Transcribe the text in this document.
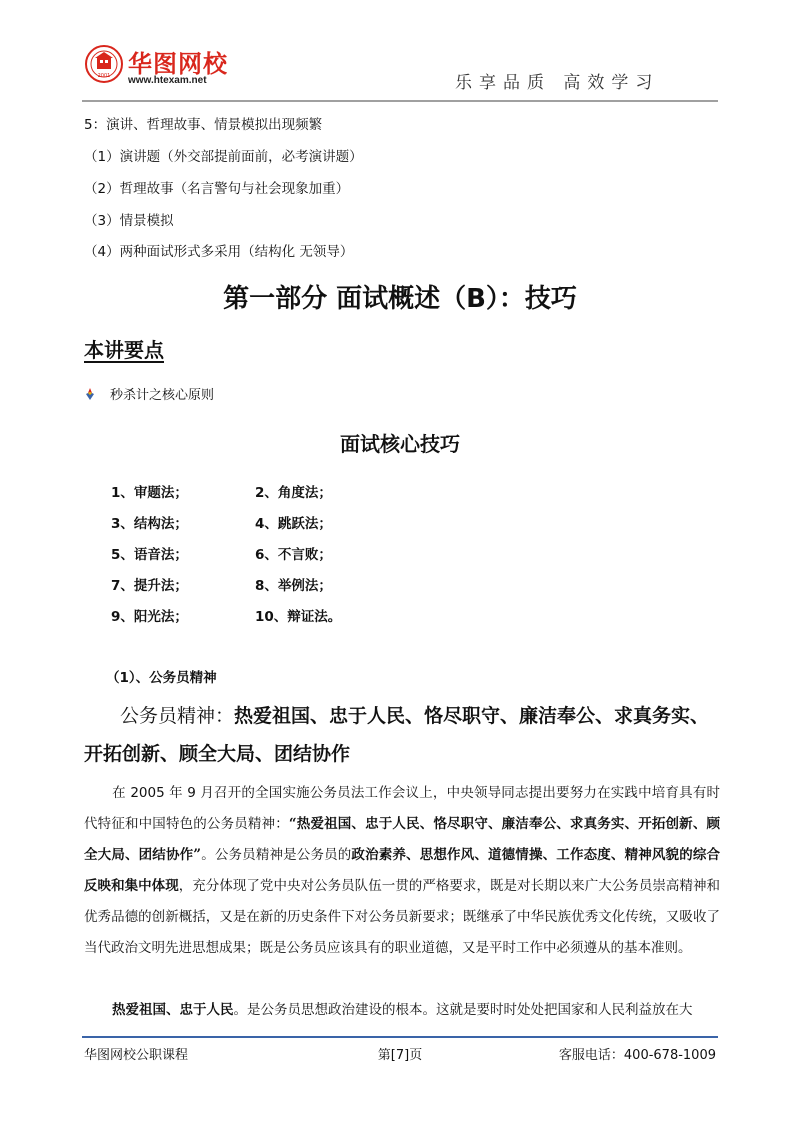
2001 华图网校
www.htexam.net	乐享品质 高效学习
5：演讲、哲理故事、情景模拟出现频繁
（1）演讲题（外交部提前面前，必考演讲题）
（2）哲理故事（名言警句与社会现象加重）
（3）情景模拟
（4）两种面试形式多采用（结构化 无领导）
第一部分 面试概述（B）：技巧
本讲要点
秒杀计之核心原则
面试核心技巧
1、审题法；	2、角度法；
3、结构法；	4、跳跃法；
5、语音法；	6、不言败；
7、提升法；	8、举例法；
9、阳光法；	10、辩证法。
（1）、公务员精神
公务员精神：热爱祖国、忠于人民、恪尽职守、廉洁奉公、求真务实、开拓创新、顾全大局、团结协作
在 2005 年 9 月召开的全国实施公务员法工作会议上，中央领导同志提出要努力在实践中培育具有时代特征和中国特色的公务员精神：“热爱祖国、忠于人民、恪尽职守、廉洁奉公、求真务实、开拓创新、顾全大局、团结协作”。公务员精神是公务员的政治素养、思想作风、道德情操、工作态度、精神风貌的综合反映和集中体现，充分体现了党中央对公务员队伍一贯的严格要求，既是对长期以来广大公务员崇高精神和优秀品德的创新概括，又是在新的历史条件下对公务员新要求；既继承了中华民族优秀文化传统，又吸收了当代政治文明先进思想成果；既是公务员应该具有的职业道德，又是平时工作中必须遵从的基本准则。
热爱祖国、忠于人民。是公务员思想政治建设的根本。这就是要时时处处把国家和人民利益放在大
华图网校公职课程	第[7]页	客服电话：400-678-1009
